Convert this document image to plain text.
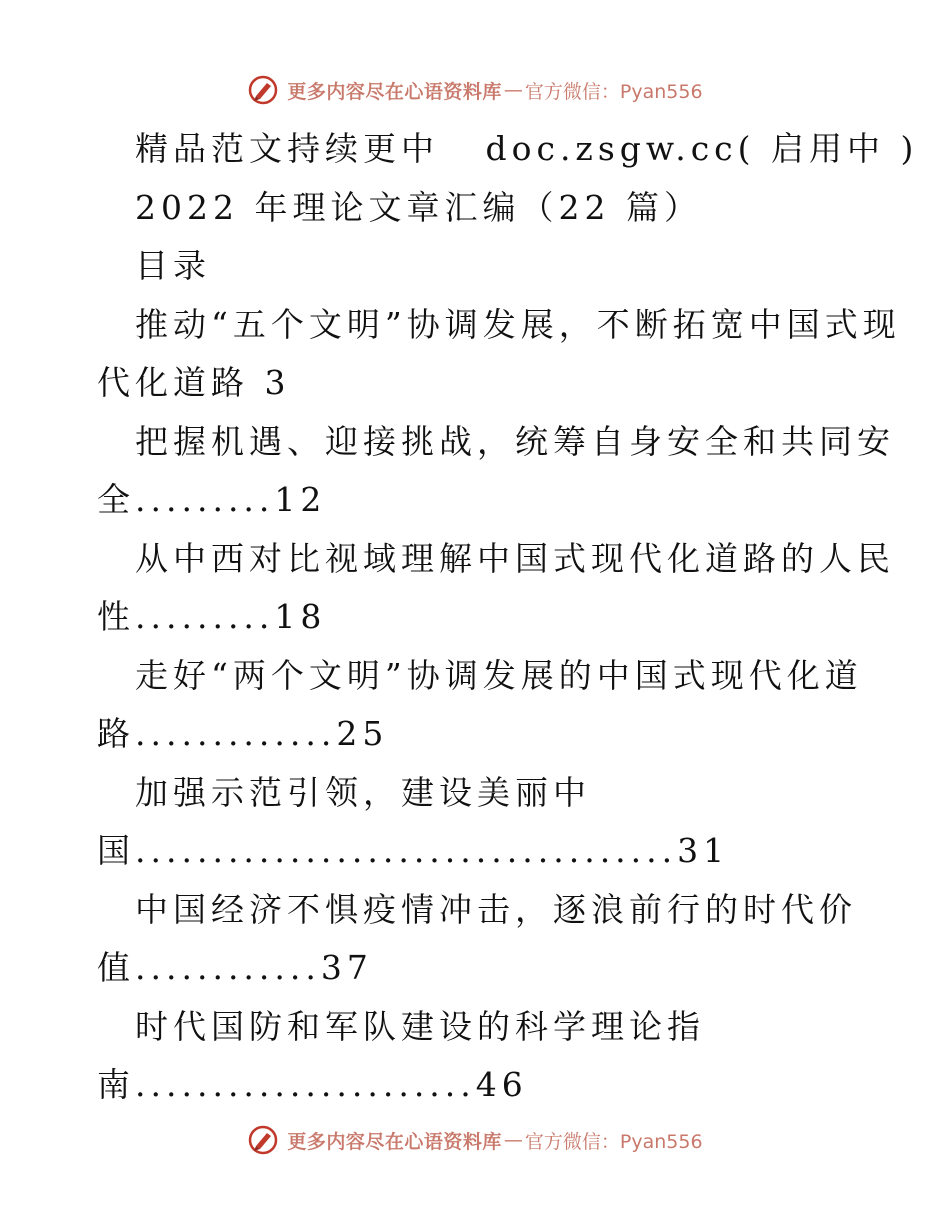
更多内容尽在心语资料库 — 官方微信：Pyan556
精品范文持续更中   doc.zsgw.cc( 启用中 )
2022 年理论文章汇编（22 篇）
目录
推动“五个文明”协调发展，不断拓宽中国式现
代化道路 3
把握机遇、迎接挑战，统筹自身安全和共同安
全.........12
从中西对比视域理解中国式现代化道路的人民
性.........18
走好“两个文明”协调发展的中国式现代化道
路.............25
加强示范引领，建设美丽中
国...................................31
中国经济不惧疫情冲击，逐浪前行的时代价
值............37
时代国防和军队建设的科学理论指
南......................46
更多内容尽在心语资料库 — 官方微信：Pyan556
